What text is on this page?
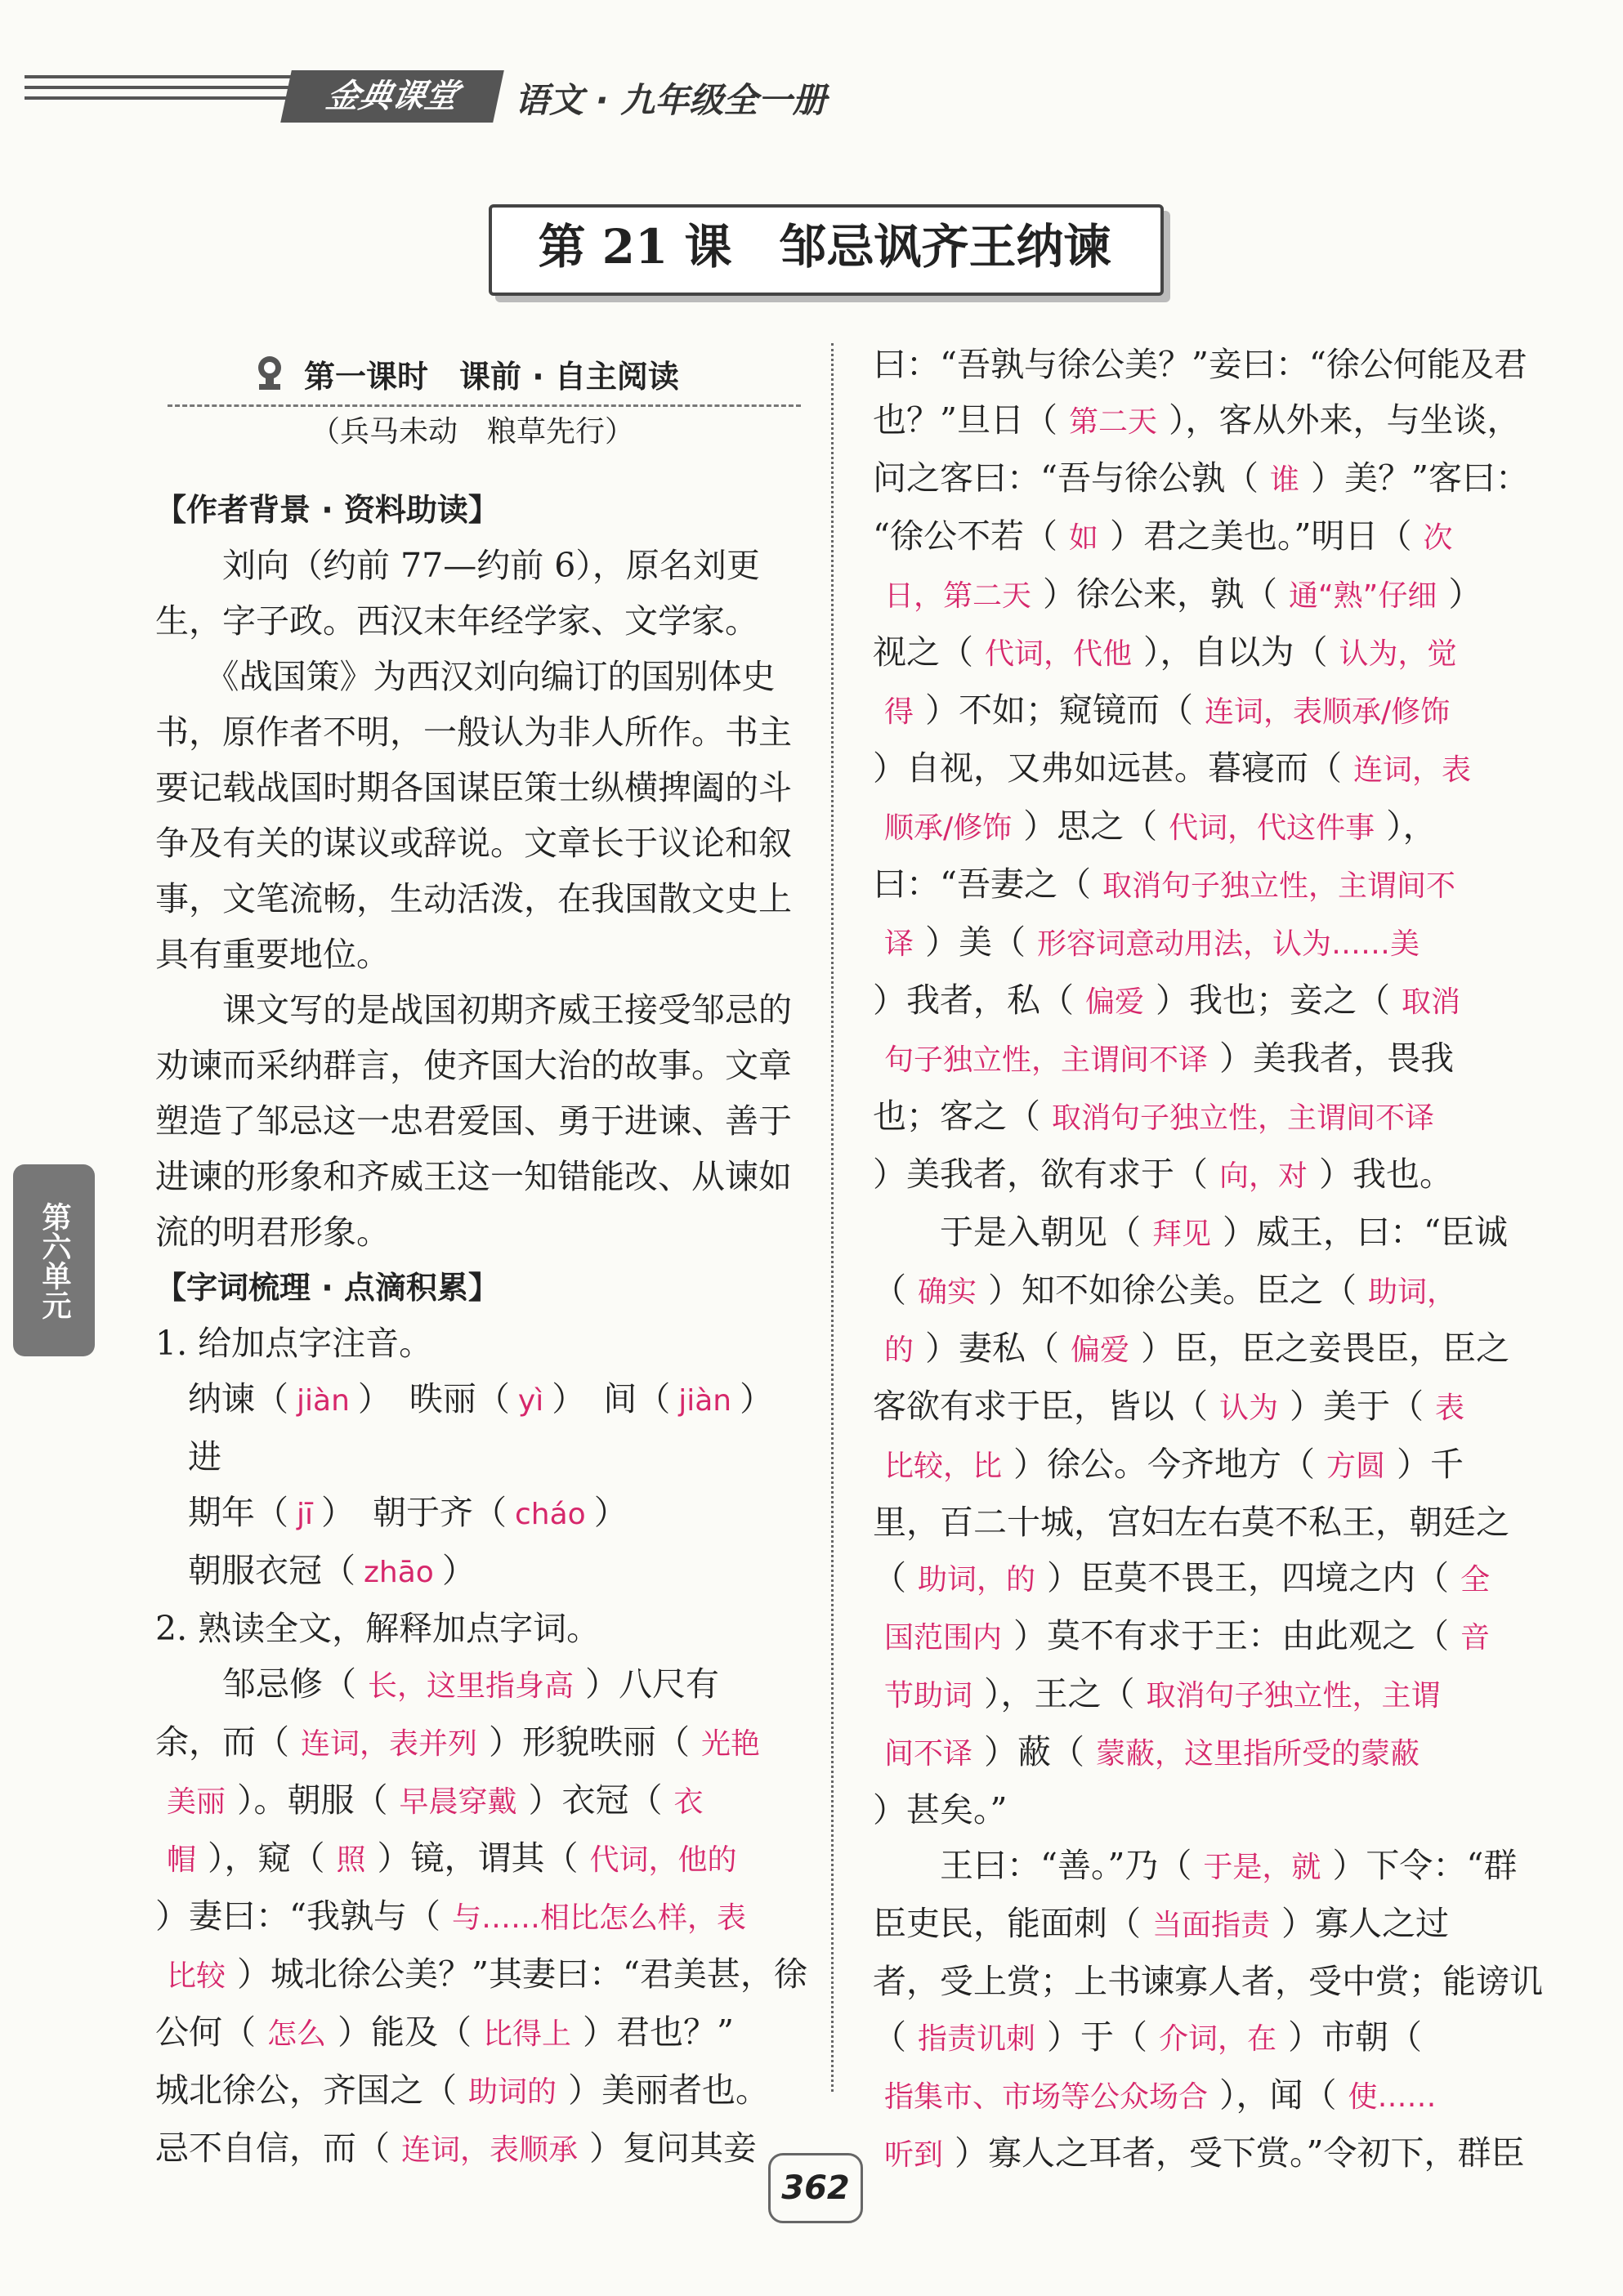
金典课堂	语文 · 九年级全一册
第 21 课　邹忌讽齐王纳谏
第一课时　课前 · 自主阅读
（兵马未动　粮草先行）
【作者背景 · 资料助读】
　　刘向（约前 77—约前 6），原名刘更生，字子政。西汉末年经学家、文学家。
　　《战国策》为西汉刘向编订的国别体史书，原作者不明，一般认为非人所作。书主要记载战国时期各国谋臣策士纵横捭阖的斗争及有关的谋议或辞说。文章长于议论和叙事，文笔流畅，生动活泼，在我国散文史上具有重要地位。
　　课文写的是战国初期齐威王接受邹忌的劝谏而采纳群言，使齐国大治的故事。文章塑造了邹忌这一忠君爱国、勇于进谏、善于进谏的形象和齐威王这一知错能改、从谏如流的明君形象。
【字词梳理 · 点滴积累】
1. 给加点字注音。
纳谏（ jiàn ） 昳丽（ yì ） 间（ jiàn ）进
期年（ jī ） 朝于齐（ cháo ）
朝服衣冠（ zhāo ）
2. 熟读全文，解释加点字词。
　　邹忌修（ 长，这里指身高 ）八尺有
余，而（ 连词，表并列 ）形貌昳丽（ 光艳
美丽 ）。朝服（ 早晨穿戴 ）衣冠（ 衣
帽 ），窥（ 照 ）镜，谓其（ 代词，他的
）妻曰：“我孰与（ 与……相比怎么样，表
比较 ）城北徐公美？”其妻曰：“君美甚，徐
公何（ 怎么 ）能及（ 比得上 ）君也？”
城北徐公，齐国之（ 助词的 ）美丽者也。
忌不自信，而（ 连词，表顺承 ）复问其妾
曰：“吾孰与徐公美？”妾曰：“徐公何能及君
也？”旦日（ 第二天 ），客从外来，与坐谈，
问之客曰：“吾与徐公孰（ 谁 ）美？”客曰：
“徐公不若（ 如 ）君之美也。”明日（ 次
日，第二天 ）徐公来，孰（ 通“熟”仔细 ）
视之（ 代词，代他 ），自以为（ 认为，觉
得 ）不如；窥镜而（ 连词，表顺承/修饰
）自视，又弗如远甚。暮寝而（ 连词，表
顺承/修饰 ）思之（ 代词，代这件事 ），
曰：“吾妻之（ 取消句子独立性，主谓间不
译 ）美（ 形容词意动用法，认为……美
）我者，私（ 偏爱 ）我也；妾之（ 取消
句子独立性，主谓间不译 ）美我者，畏我
也；客之（ 取消句子独立性，主谓间不译
）美我者，欲有求于（ 向，对 ）我也。
　　于是入朝见（ 拜见 ）威王，曰：“臣诚
（ 确实 ）知不如徐公美。臣之（ 助词，
的 ）妻私（ 偏爱 ）臣，臣之妾畏臣，臣之
客欲有求于臣，皆以（ 认为 ）美于（ 表
比较，比 ）徐公。今齐地方（ 方圆 ）千
里，百二十城，宫妇左右莫不私王，朝廷之
（ 助词，的 ）臣莫不畏王，四境之内（ 全
国范围内 ）莫不有求于王：由此观之（ 音
节助词 ），王之（ 取消句子独立性，主谓
间不译 ）蔽（ 蒙蔽，这里指所受的蒙蔽
）甚矣。”
　　王曰：“善。”乃（ 于是，就 ）下令：“群
臣吏民，能面刺（ 当面指责 ）寡人之过
者，受上赏；上书谏寡人者，受中赏；能谤讥
（ 指责讥刺 ）于（ 介词，在 ）市朝（
指集市、市场等公众场合 ），闻（ 使……
听到 ）寡人之耳者，受下赏。”令初下，群臣
第六单元
362
